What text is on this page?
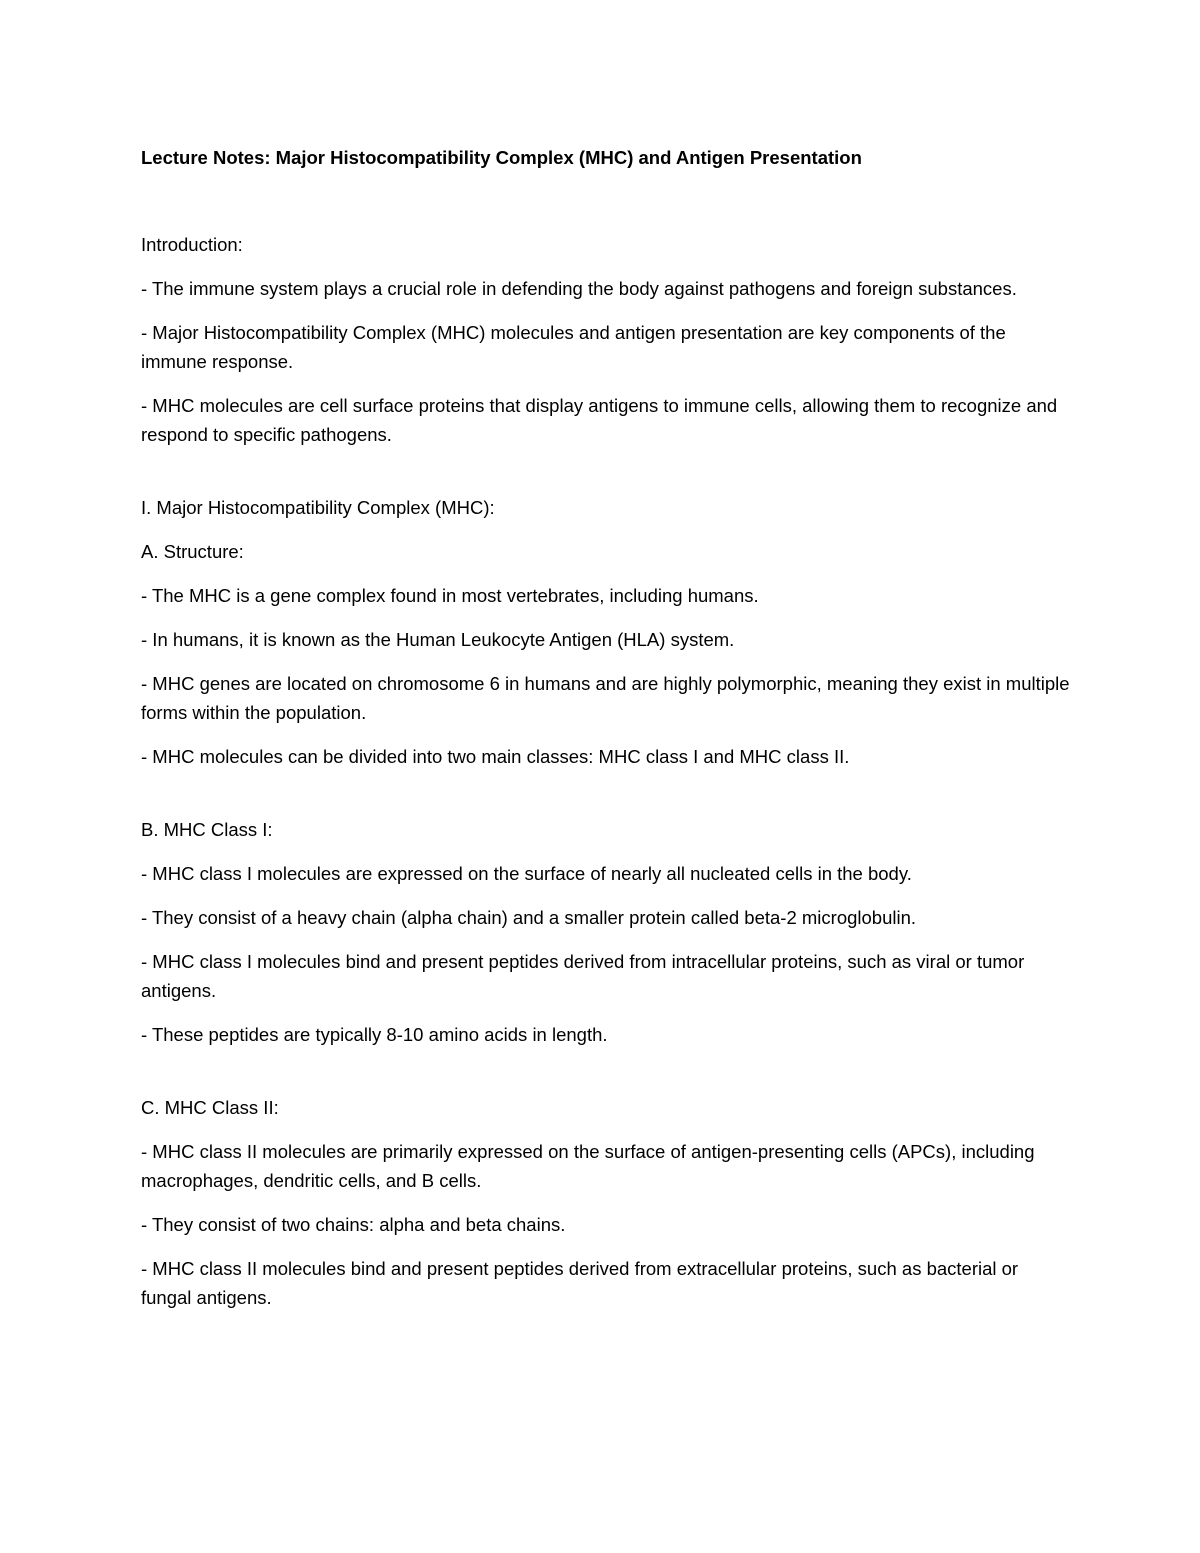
Lecture Notes: Major Histocompatibility Complex (MHC) and Antigen Presentation

Introduction:

- The immune system plays a crucial role in defending the body against pathogens and foreign substances.

- Major Histocompatibility Complex (MHC) molecules and antigen presentation are key components of the immune response.

- MHC molecules are cell surface proteins that display antigens to immune cells, allowing them to recognize and respond to specific pathogens.

I. Major Histocompatibility Complex (MHC):

A. Structure:

- The MHC is a gene complex found in most vertebrates, including humans.

- In humans, it is known as the Human Leukocyte Antigen (HLA) system.

- MHC genes are located on chromosome 6 in humans and are highly polymorphic, meaning they exist in multiple forms within the population.

- MHC molecules can be divided into two main classes: MHC class I and MHC class II.

B. MHC Class I:

- MHC class I molecules are expressed on the surface of nearly all nucleated cells in the body.

- They consist of a heavy chain (alpha chain) and a smaller protein called beta-2 microglobulin.

- MHC class I molecules bind and present peptides derived from intracellular proteins, such as viral or tumor antigens.

- These peptides are typically 8-10 amino acids in length.

C. MHC Class II:

- MHC class II molecules are primarily expressed on the surface of antigen-presenting cells (APCs), including macrophages, dendritic cells, and B cells.

- They consist of two chains: alpha and beta chains.

- MHC class II molecules bind and present peptides derived from extracellular proteins, such as bacterial or fungal antigens.
